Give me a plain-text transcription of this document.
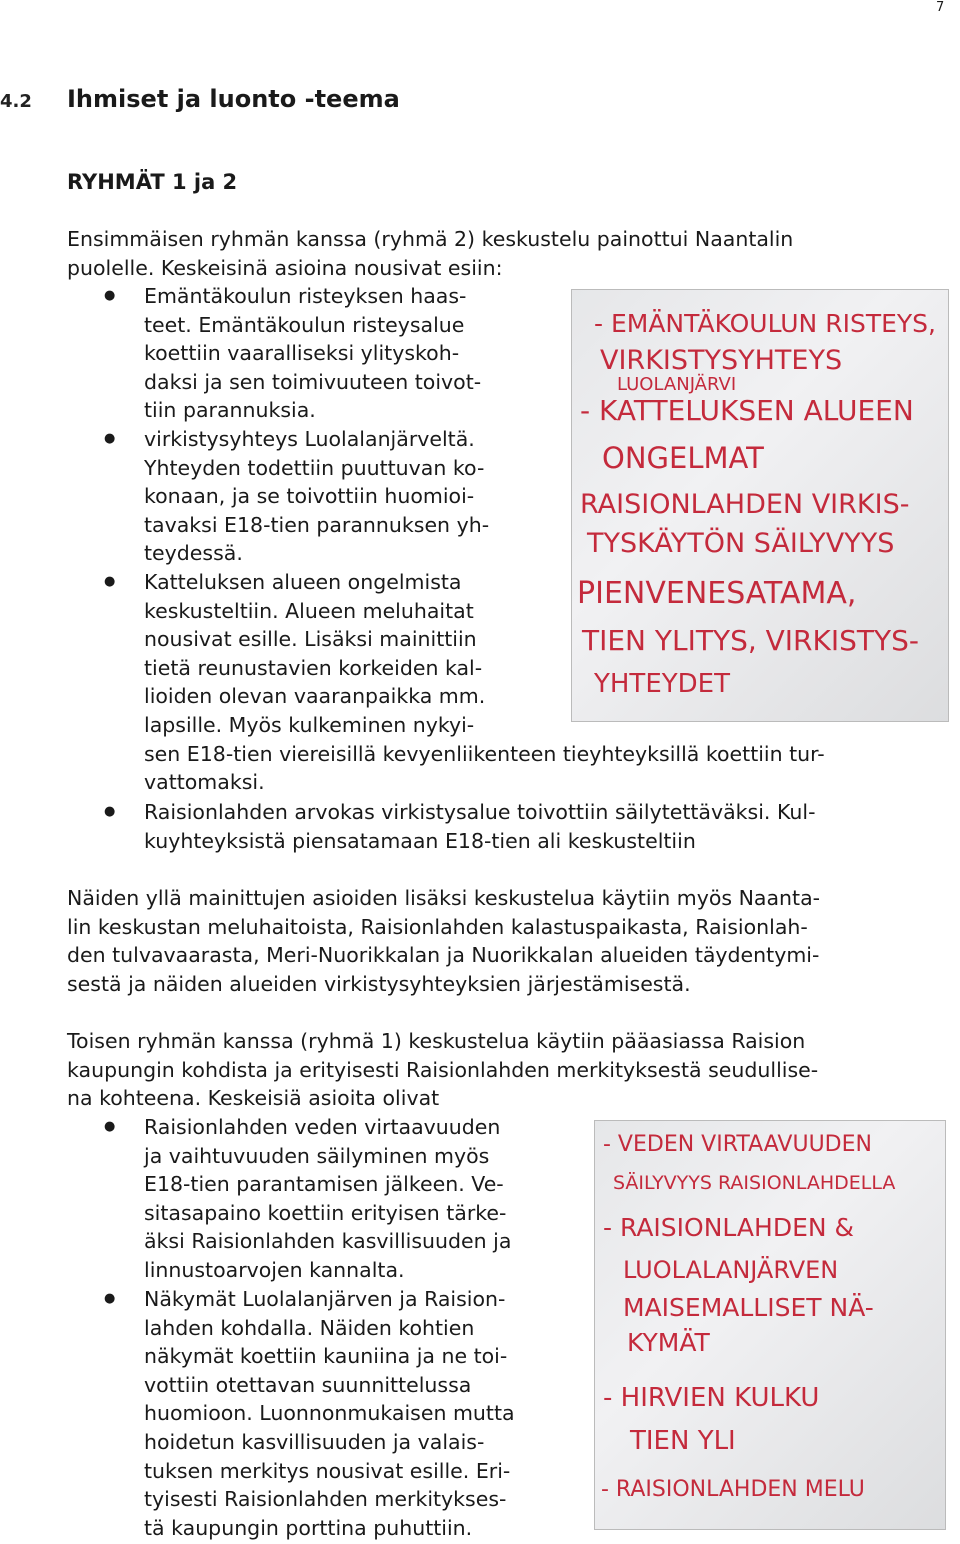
7
4.2 Ihmiset ja luonto -teema
RYHMÄT 1 ja 2
Ensimmäisen ryhmän kanssa (ryhmä 2) keskustelu painottui Naantalin
puolelle. Keskeisinä asioina nousivat esiin:
● Emäntäkoulun risteyksen haas-
teet. Emäntäkoulun risteysalue
koettiin vaaralliseksi ylityskoh-
daksi ja sen toimivuuteen toivot-
tiin parannuksia.
● virkistysyhteys Luolalanjärveltä.
Yhteyden todettiin puuttuvan ko-
konaan, ja se toivottiin huomioi-
tavaksi E18-tien parannuksen yh-
teydessä.
● Katteluksen alueen ongelmista
keskusteltiin. Alueen meluhaitat
nousivat esille. Lisäksi mainittiin
tietä reunustavien korkeiden kal-
lioiden olevan vaaranpaikka mm.
lapsille. Myös kulkeminen nykyi-
sen E18-tien viereisillä kevyenliikenteen tieyhteyksillä koettiin tur-
vattomaksi.
● Raisionlahden arvokas virkistysalue toivottiin säilytettäväksi. Kul-
kuyhteyksistä piensatamaan E18-tien ali keskusteltiin
- EMÄNTÄKOULUN RISTEYS,
VIRKISTYSYHTEYS
LUOLANJÄRVI
- KATTELUKSEN ALUEEN
ONGELMAT
RAISIONLAHDEN VIRKIS-
TYSKÄYTÖN SÄILYVYYS
PIENVENESATAMA,
TIEN YLITYS, VIRKISTYS-
YHTEYDET
Näiden yllä mainittujen asioiden lisäksi keskustelua käytiin myös Naanta-
lin keskustan meluhaitoista, Raisionlahden kalastuspaikasta, Raisionlah-
den tulvavaarasta, Meri-Nuorikkalan ja Nuorikkalan alueiden täydentymi-
sestä ja näiden alueiden virkistysyhteyksien järjestämisestä.
Toisen ryhmän kanssa (ryhmä 1) keskustelua käytiin pääasiassa Raision
kaupungin kohdista ja erityisesti Raisionlahden merkityksestä seudullise-
na kohteena. Keskeisiä asioita olivat
● Raisionlahden veden virtaavuuden
ja vaihtuvuuden säilyminen myös
E18-tien parantamisen jälkeen. Ve-
sitasapaino koettiin erityisen tärke-
äksi Raisionlahden kasvillisuuden ja
linnustoarvojen kannalta.
● Näkymät Luolalanjärven ja Raision-
lahden kohdalla. Näiden kohtien
näkymät koettiin kauniina ja ne toi-
vottiin otettavan suunnittelussa
huomioon. Luonnonmukaisen mutta
hoidetun kasvillisuuden ja valais-
tuksen merkitys nousivat esille. Eri-
tyisesti Raisionlahden merkitykses-
tä kaupungin porttina puhuttiin.
- VEDEN VIRTAAVUUDEN
SÄILYVYYS RAISIONLAHDELLA
- RAISIONLAHDEN &
LUOLALANJÄRVEN
MAISEMALLISET NÄ-
KYMÄT
- HIRVIEN KULKU
TIEN YLI
- RAISIONLAHDEN MELU
